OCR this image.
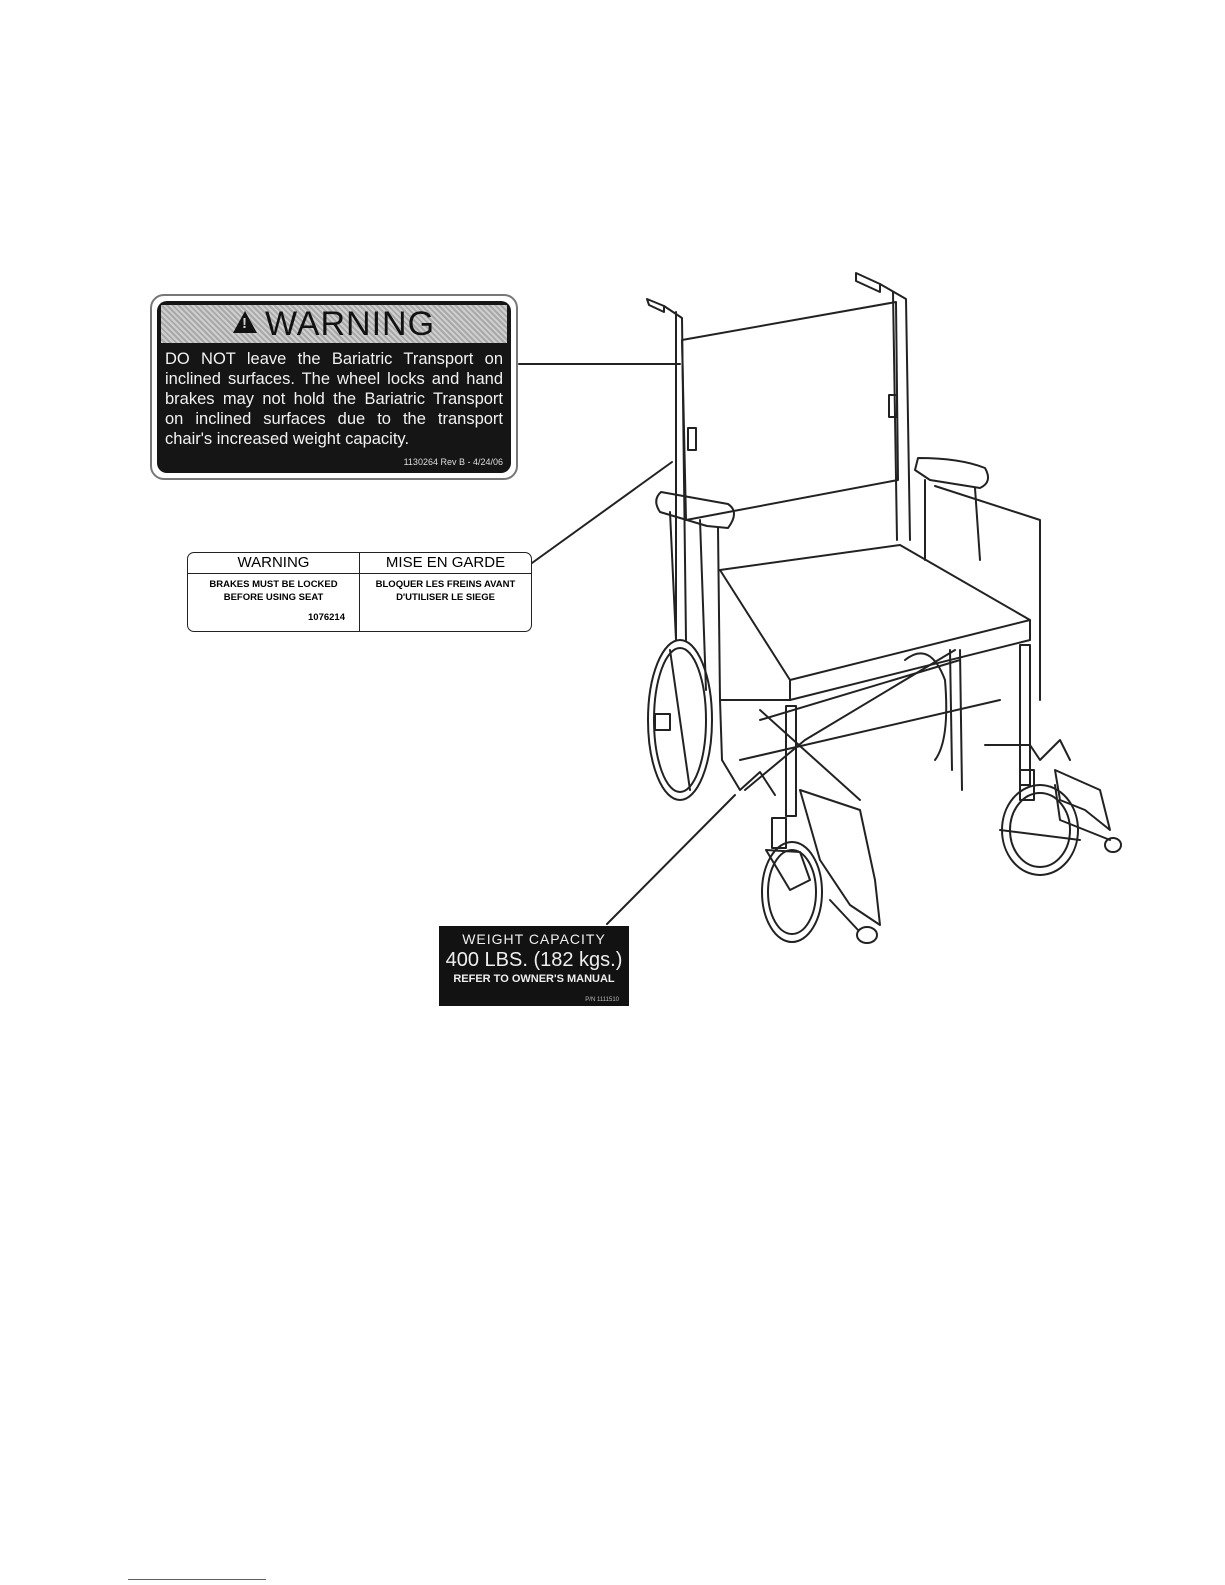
!
WARNING
DO NOT leave the Bariatric Transport on inclined surfaces. The wheel locks and hand brakes may not hold the Bariatric Transport on inclined surfaces due to the transport chair's increased weight capacity.
1130264 Rev B - 4/24/06
WARNING
BRAKES MUST BE LOCKED
BEFORE USING SEAT
1076214
MISE EN GARDE
BLOQUER LES FREINS AVANT
D'UTILISER LE SIEGE
WEIGHT CAPACITY
400 LBS. (182 kgs.)
REFER TO OWNER'S MANUAL
P/N 1111510
